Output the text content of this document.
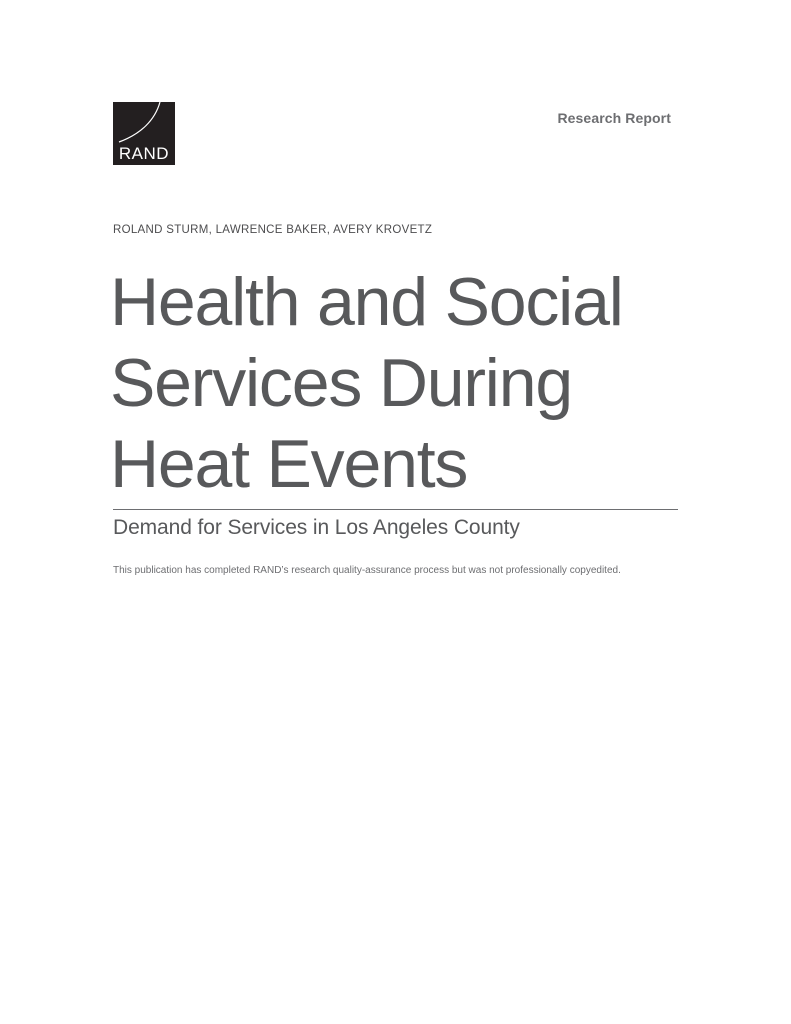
RAND
Research Report
ROLAND STURM, LAWRENCE BAKER, AVERY KROVETZ
Health and Social
Services During
Heat Events
Demand for Services in Los Angeles County
This publication has completed RAND’s research quality-assurance process but was not professionally copyedited.
